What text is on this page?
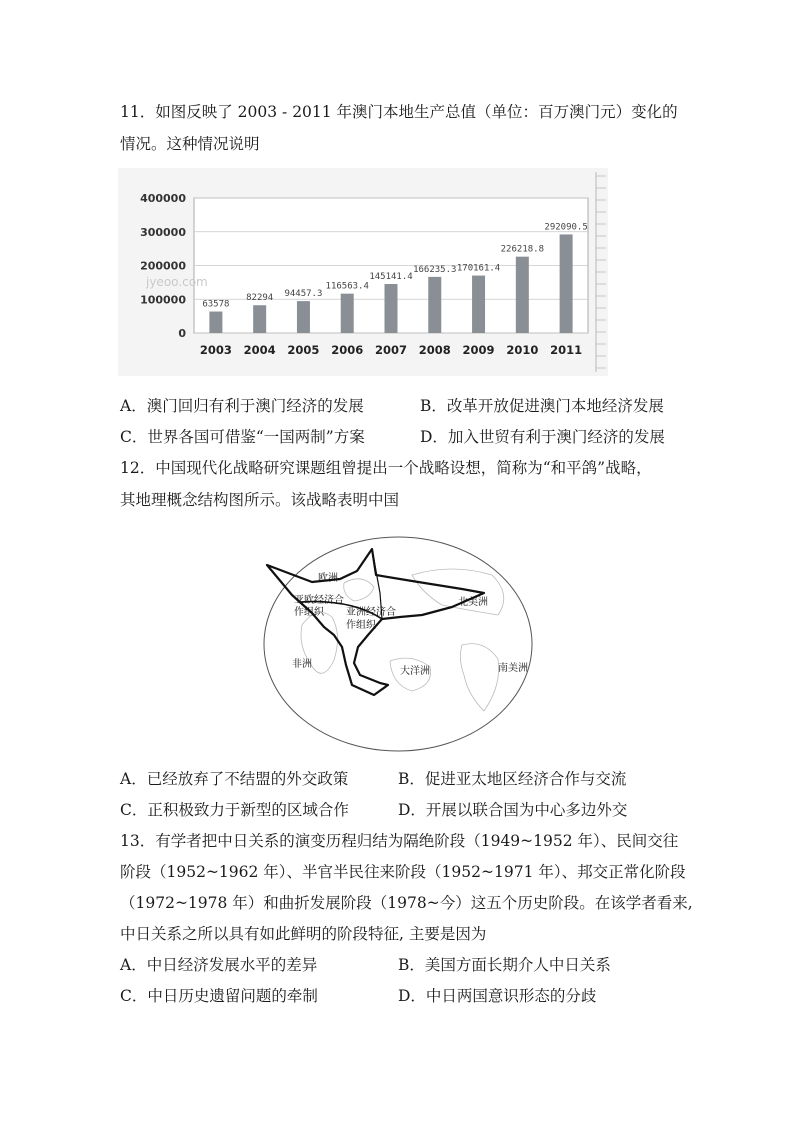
11．如图反映了 2003 - 2011 年澳门本地生产总值（单位：百万澳门元）变化的
情况。这种情况说明
0
100000
200000
300000
400000
63578
82294 94457.3
116563.4
145141.4
166235.3 170161.4
226218.8
292090.5
2003 2004 2005 2006 2007 2008 2009 2010 2011
jyeoo.com
A．澳门回归有利于澳门经济的发展	B．改革开放促进澳门本地经济发展
C．世界各国可借鉴“一国两制”方案	D．加入世贸有利于澳门经济的发展
12．中国现代化战略研究课题组曾提出一个战略设想，简称为“和平鸽”战略，
其地理概念结构图所示。该战略表明中国
欧洲
亚欧经济合
作组织 亚洲经济合
作组织
北美洲
非洲
大洋洲	南美洲
A．已经放弃了不结盟的外交政策	B．促进亚太地区经济合作与交流
C．正积极致力于新型的区域合作	D．开展以联合国为中心多边外交
13．有学者把中日关系的演变历程归结为隔绝阶段（1949~1952 年）、民间交往
阶段（1952~1962 年）、半官半民往来阶段（1952~1971 年）、邦交正常化阶段
（1972~1978 年）和曲折发展阶段（1978~今）这五个历史阶段。在该学者看来,
中日关系之所以具有如此鲜明的阶段特征, 主要是因为
A．中日经济发展水平的差异	B．美国方面长期介人中日关系
C．中日历史遗留问题的牵制	D．中日两国意识形态的分歧
